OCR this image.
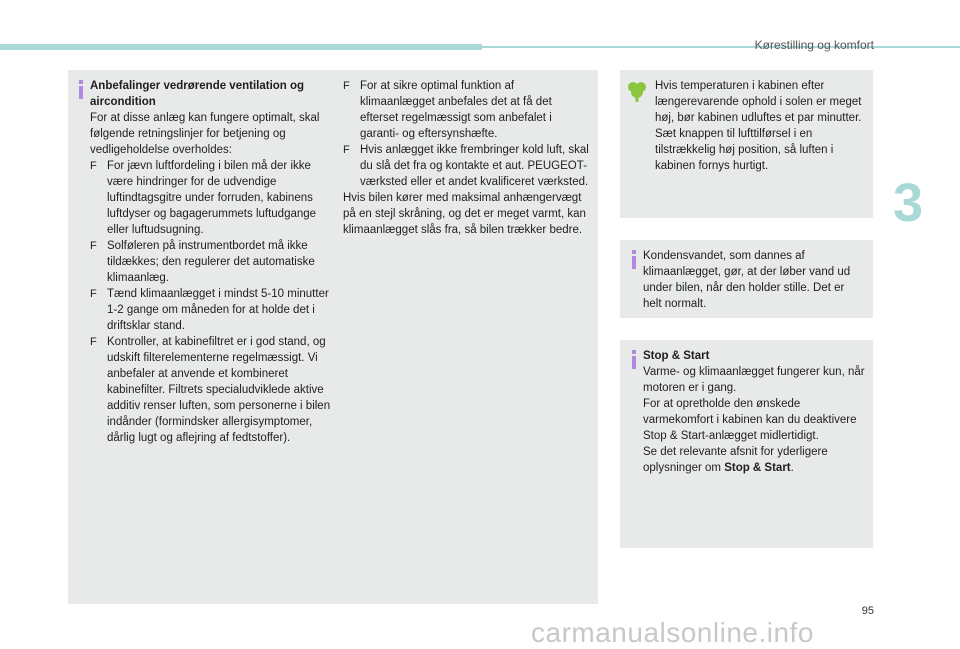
Kørestilling og komfort
3
Anbefalinger vedrørende ventilation og aircondition
For at disse anlæg kan fungere optimalt, skal følgende retningslinjer for betjening og vedligeholdelse overholdes:
F For jævn luftfordeling i bilen må der ikke være hindringer for de udvendige luftindtagsgitre under forruden, kabinens luftdyser og bagagerummets luftudgange eller luftudsugning.
F Solføleren på instrumentbordet må ikke tildækkes; den regulerer det automatiske klimaanlæg.
F Tænd klimaanlægget i mindst 5-10 minutter 1-2 gange om måneden for at holde det i driftsklar stand.
F Kontroller, at kabinefiltret er i god stand, og udskift filterelementerne regelmæssigt. Vi anbefaler at anvende et kombineret kabinefilter. Filtrets specialudviklede aktive additiv renser luften, som personerne i bilen indånder (formindsker allergisymptomer, dårlig lugt og aflejring af fedtstoffer).
F For at sikre optimal funktion af klimaanlægget anbefales det at få det efterset regelmæssigt som anbefalet i garanti- og eftersynshæfte.
F Hvis anlægget ikke frembringer kold luft, skal du slå det fra og kontakte et aut. PEUGEOT-værksted eller et andet kvalificeret værksted.
Hvis bilen kører med maksimal anhængervægt på en stejl skråning, og det er meget varmt, kan klimaanlægget slås fra, så bilen trækker bedre.
Hvis temperaturen i kabinen efter længerevarende ophold i solen er meget høj, bør kabinen udluftes et par minutter.
Sæt knappen til lufttilførsel i en tilstrækkelig høj position, så luften i kabinen fornys hurtigt.
Kondensvandet, som dannes af klimaanlægget, gør, at der løber vand ud under bilen, når den holder stille. Det er helt normalt.
Stop & Start
Varme- og klimaanlægget fungerer kun, når motoren er i gang.
For at opretholde den ønskede varmekomfort i kabinen kan du deaktivere Stop & Start-anlægget midlertidigt.
Se det relevante afsnit for yderligere oplysninger om Stop & Start.
95
carmanualsonline.info
